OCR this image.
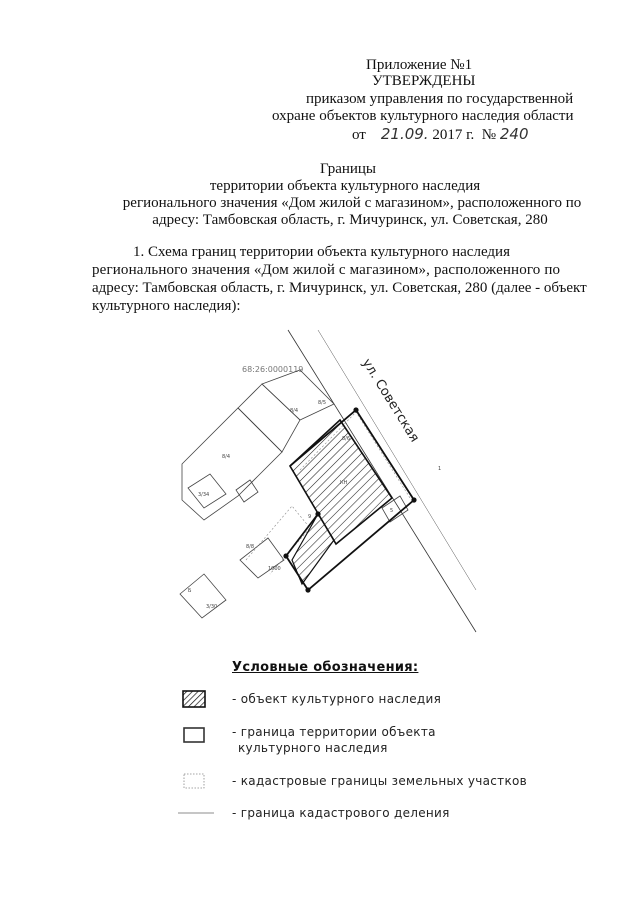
Приложение №1
УТВЕРЖДЕНЫ
приказом управления по государственной
охране объектов культурного наследия области
от 21.09. 2017 г. № 240
Границы
территории объекта культурного наследия
регионального значения «Дом жилой с магазином», расположенного по
адресу: Тамбовская область, г. Мичуринск, ул. Советская, 280
1. Схема границ территории объекта культурного наследия
регионального значения «Дом жилой с магазином», расположенного по
адресу: Тамбовская область, г. Мичуринск, ул. Советская, 280 (далее - объект
культурного наследия):
ул. Советская
68:26:0000119
8/4
8/5
8/4
3/34
8/6
КН
9
1000
8/8
3/30
Б
5
1
Условные обозначения:
- объект культурного наследия
- граница территории объекта
культурного наследия
- кадастровые границы земельных участков
- граница кадастрового деления
